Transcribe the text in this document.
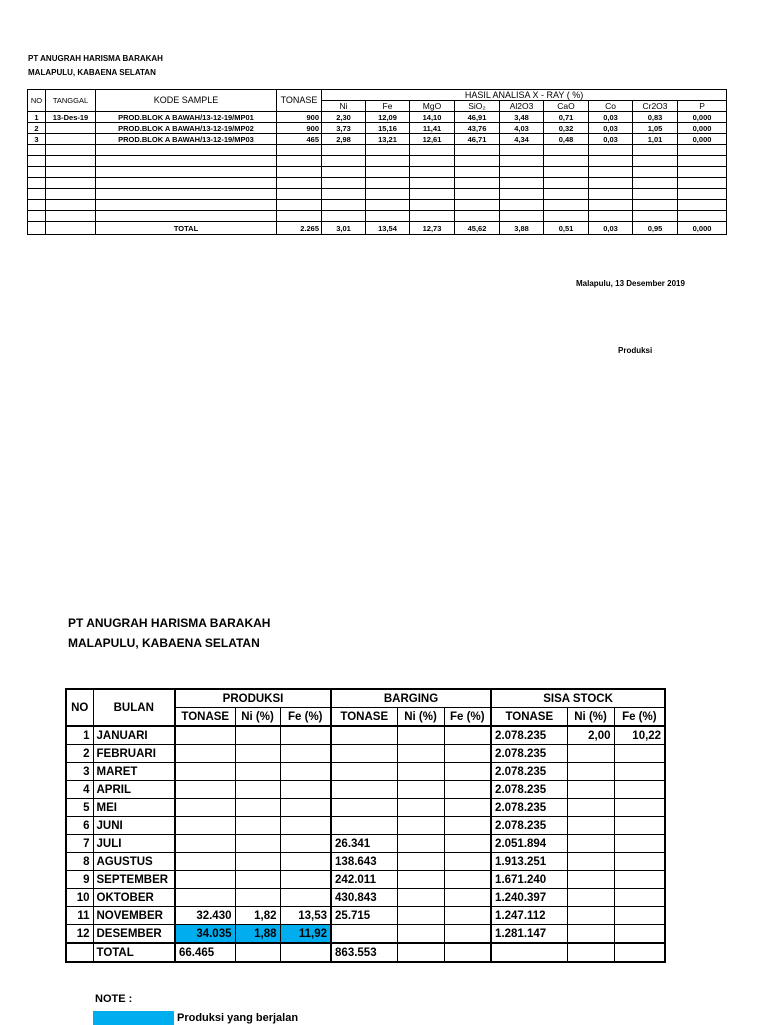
PT ANUGRAH HARISMA BARAKAH
MALAPULU, KABAENA SELATAN
NO	TANGGAL	KODE SAMPLE	TONASE	HASIL ANALISA X - RAY ( %)								
				Ni	Fe	MgO	SiO₂	Al2O3	CaO	Co	Cr2O3	P
1	13-Des-19	PROD.BLOK A BAWAH/13-12-19/MP01	900	2,30	12,09	14,10	46,91	3,48	0,71	0,03	0,83	0,000
2		PROD.BLOK A BAWAH/13-12-19/MP02	900	3,73	15,16	11,41	43,76	4,03	0,32	0,03	1,05	0,000
3		PROD.BLOK A BAWAH/13-12-19/MP03	465	2,98	13,21	12,61	46,71	4,34	0,48	0,03	1,01	0,000

		TOTAL	2.265	3,01	13,54	12,73	45,62	3,88	0,51	0,03	0,95	0,000
Malapulu, 13 Desember 2019
Produksi
PT ANUGRAH HARISMA BARAKAH
MALAPULU, KABAENA SELATAN
NO	BULAN	PRODUKSI			BARGING			SISA STOCK		
		TONASE	Ni (%)	Fe (%)	TONASE	Ni (%)	Fe (%)	TONASE	Ni (%)	Fe (%)
1	JANUARI							2.078.235	2,00	10,22
2	FEBRUARI							2.078.235		
3	MARET							2.078.235		
4	APRIL							2.078.235		
5	MEI							2.078.235		
6	JUNI							2.078.235		
7	JULI				26.341			2.051.894		
8	AGUSTUS				138.643			1.913.251		
9	SEPTEMBER				242.011			1.671.240		
10	OKTOBER				430.843			1.240.397		
11	NOVEMBER	32.430	1,82	13,53	25.715			1.247.112		
12	DESEMBER	34.035	1,88	11,92				1.281.147		
	TOTAL	66.465			863.553					
NOTE :
Produksi yang berjalan
